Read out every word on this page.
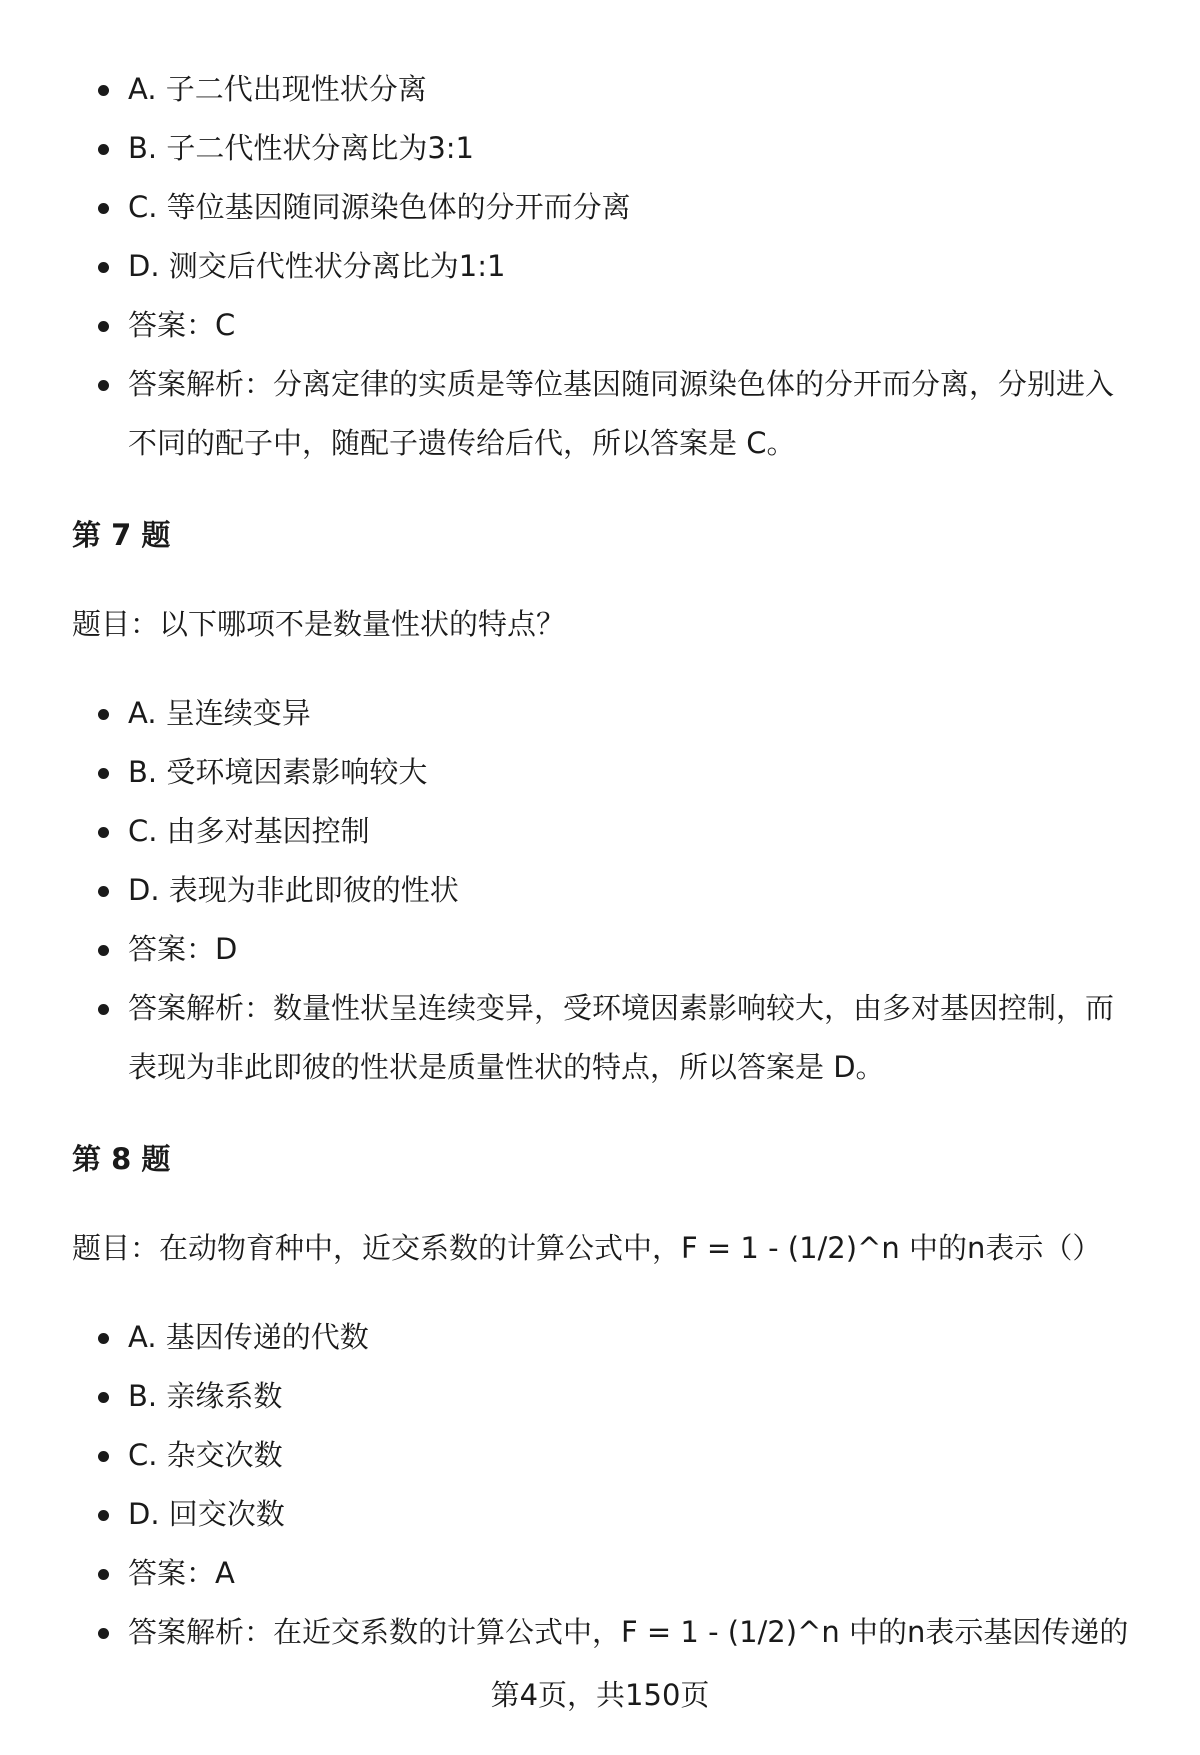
A. 子二代出现性状分离
B. 子二代性状分离比为3:1
C. 等位基因随同源染色体的分开而分离
D. 测交后代性状分离比为1:1
答案：C
答案解析：分离定律的实质是等位基因随同源染色体的分开而分离，分别进入不同的配子中，随配子遗传给后代，所以答案是 C。
第 7 题
题目：以下哪项不是数量性状的特点？
A. 呈连续变异
B. 受环境因素影响较大
C. 由多对基因控制
D. 表现为非此即彼的性状
答案：D
答案解析：数量性状呈连续变异，受环境因素影响较大，由多对基因控制，而表现为非此即彼的性状是质量性状的特点，所以答案是 D。
第 8 题
题目：在动物育种中，近交系数的计算公式中，F = 1 - (1/2)^n 中的n表示（）
A. 基因传递的代数
B. 亲缘系数
C. 杂交次数
D. 回交次数
答案：A
答案解析：在近交系数的计算公式中，F = 1 - (1/2)^n 中的n表示基因传递的
第4页，共150页
